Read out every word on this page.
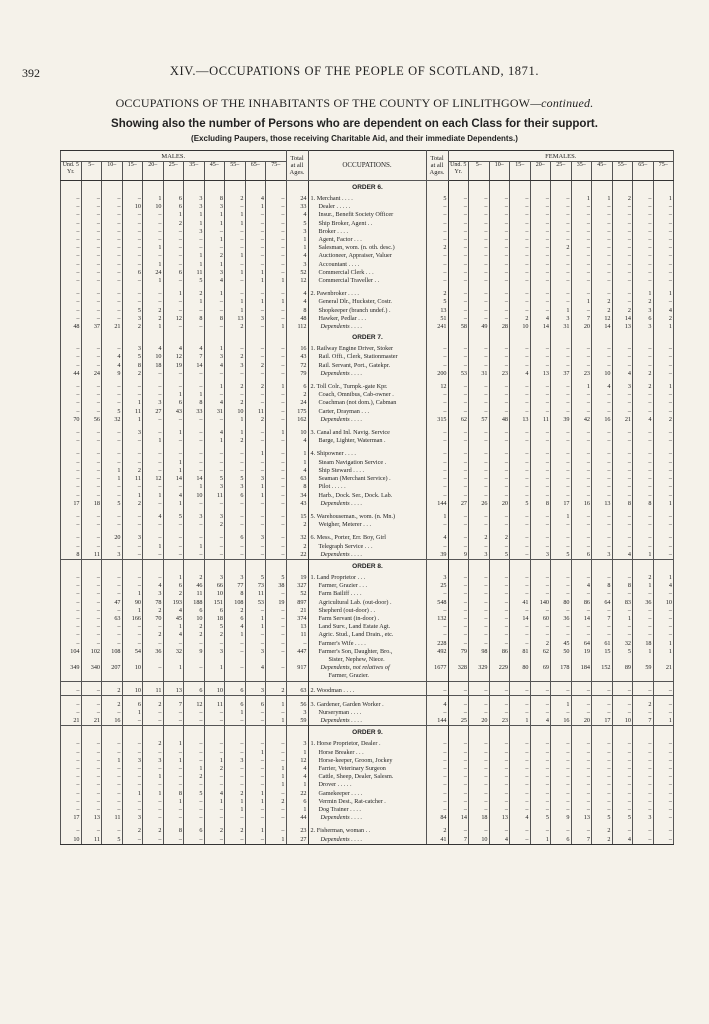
392	XIV.—OCCUPATIONS OF THE PEOPLE OF SCOTLAND, 1871.
OCCUPATIONS OF THE INHABITANTS OF THE COUNTY OF LINLITHGOW—continued.
Showing also the number of Persons who are dependent on each Class for their support.
(Excluding Paupers, those receiving Charitable Aid, and their immediate Dependents.)
MALES.											Total at all Ages.	OCCUPATIONS.	Total at all Ages.	FEMALES.										
Und. 5 Yr.	5–	10–	15–	20–	25–	35–	45–	55–	65–	75–				Und. 5 Yr.	5–	10–	15–	20–	25–	35–	45–	55–	65–	75–
												ORDER 6.												
–	–	–	–	1	6	3	8	2	4	–	24	1. Merchant . . . .	5	–	–	–	–	–	–	1	1	2	–	1
–	–	–	10	10	6	3	3	–	1	–	33	Dealer . . . . .	–	–	–	–	–	–	–	–	–	–	–	–
–	–	–	–	–	1	1	1	1	–	–	4	Insur., Benefit Society Officer	–	–	–	–	–	–	–	–	–	–	–	–
–	–	–	–	–	2	1	1	1	–	–	5	Ship Broker, Agent . .	–	–	–	–	–	–	–	–	–	–	–	–
–	–	–	–	–	–	3	–	–	–	–	3	Broker . . . .	–	–	–	–	–	–	–	–	–	–	–	–
–	–	–	–	–	–	–	1	–	–	–	1	Agent, Factor . . .	–	–	–	–	–	–	–	–	–	–	–	–
–	–	–	–	1	–	–	–	–	–	–	1	Salesman, wom. (n. oth. desc.)	2	–	–	–	–	–	2	–	–	–	–	–
–	–	–	–	–	–	1	2	1	–	–	4	Auctioneer, Appraiser, Valuer	–	–	–	–	–	–	–	–	–	–	–	–
–	–	–	–	1	–	1	1	–	–	–	3	Accountant . . . .	–	–	–	–	–	–	–	–	–	–	–	–
–	–	–	6	24	6	11	3	1	1	–	52	Commercial Clerk . . .	–	–	–	–	–	–	–	–	–	–	–	–
–	–	–	–	1	–	5	4	–	1	1	12	Commercial Traveller . .	–	–	–	–	–	–	–	–	–	–	–	–

–	–	–	–	–	1	2	1	–	–	–	4	2. Pawnbroker . . . .	2	–	–	–	–	–	–	–	–	–	1	1
–	–	–	–	–	–	1	–	1	1	1	4	General Dlr., Huckster, Costr.	5	–	–	–	–	–	–	1	2	–	2	–
–	–	–	5	2	–	–	–	1	–	–	8	Shopkeeper (branch undef.) .	13	–	–	–	–	–	1	–	2	2	3	4
–	–	–	3	2	12	8	8	13	3	–	48	Hawker, Pedlar . . .	51	–	–	–	2	4	3	7	12	14	6	2
48	37	21	2	1	–	–	–	2	–	1	112	Dependents . . . .	241	58	49	28	10	14	31	20	14	13	3	1
												ORDER 7.												
–	–	–	3	4	4	4	1	–	–	–	16	1. Railway Engine Driver, Stoker	–	–	–	–	–	–	–	–	–	–	–	–
–	–	4	5	10	12	7	3	2	–	–	43	Rail. Offi., Clerk, Stationmaster	–	–	–	–	–	–	–	–	–	–	–	–
–	–	4	8	18	19	14	4	3	2	–	72	Rail. Servant, Port., Gatekpr.	–	–	–	–	–	–	–	–	–	–	–	–
44	24	9	2	–	–	–	–	–	–	–	79	Dependents . . . .	200	53	31	23	4	13	37	23	10	4	2	–

–	–	–	–	–	–	–	1	2	2	1	6	2. Toll Colr., Turnpk.-gate Kpr.	12	–	–	–	–	–	–	1	4	3	2	1
–	–	–	–	–	1	1	–	–	–	–	2	Coach, Omnibus, Cab-owner .	–	–	–	–	–	–	–	–	–	–	–	–
–	–	–	1	3	6	8	4	2	–	–	24	Coachman (not dom.), Cabman	–	–	–	–	–	–	–	–	–	–	–	–
–	–	5	11	27	43	33	31	10	11	–	175	Carter, Drayman . . .	–	–	–	–	–	–	–	–	–	–	–	–
70	56	32	1	–	–	–	–	1	2	–	162	Dependents . . . .	315	62	57	48	13	11	39	42	16	21	4	2

–	–	–	3	–	1	–	4	1	–	1	10	3. Canal and Inl. Navig. Service	–	–	–	–	–	–	–	–	–	–	–	–
–	–	–	–	1	–	–	1	2	–	–	4	Barge, Lighter, Waterman .	–	–	–	–	–	–	–	–	–	–	–	–

–	–	–	–	–	–	–	–	–	1	–	1	4. Shipowner . . . .	–	–	–	–	–	–	–	–	–	–	–	–
–	–	–	–	–	1	–	–	–	–	–	1	Steam Navigation Service .	–	–	–	–	–	–	–	–	–	–	–	–
–	–	1	2	–	1	–	–	–	–	–	4	Ship Steward . . . .	–	–	–	–	–	–	–	–	–	–	–	–
–	–	1	11	12	14	14	5	5	3	–	63	Seaman (Merchant Service) .	–	–	–	–	–	–	–	–	–	–	–	–
–	–	–	–	–	–	1	3	3	1	–	8	Pilot . . . . .	–	–	–	–	–	–	–	–	–	–	–	–
–	–	–	1	1	4	10	11	6	1	–	34	Harb., Dock. Ser., Dock. Lab.	–	–	–	–	–	–	–	–	–	–	–	–
17	18	5	2	–	1	–	–	–	–	–	43	Dependents . . . .	144	27	26	20	5	8	17	16	13	8	8	1

–	–	–	–	4	5	3	3	–	–	–	15	5. Warehouseman., wom. (n. Mn.)	1	–	–	–	–	–	1	–	–	–	–	–
–	–	–	–	–	–	–	2	–	–	–	2	Weigher, Meterer . . .	–	–	–	–	–	–	–	–	–	–	–	–

–	–	20	3	–	–	–	–	6	3	–	32	6. Mess., Porter, Err. Boy, Girl	4	–	2	2	–	–	–	–	–	–	–	–
–	–	–	–	1	–	1	–	–	–	–	2	Telegraph Service . . .	–	–	–	–	–	–	–	–	–	–	–	–
8	11	3	–	–	–	–	–	–	–	–	22	Dependents . . . .	39	9	3	5	–	3	5	6	3	4	1	–
												ORDER 8.												
–	–	–	–	–	1	2	3	3	5	5	19	1. Land Proprietor . . .	3	–	–	–	–	–	–	–	–	–	2	1
–	–	–	–	4	6	46	66	77	73	38	327	Farmer, Grazier . . .	25	–	–	–	–	–	–	4	8	8	1	4
–	–	–	1	3	2	11	10	8	11	–	52	Farm Bailiff . . . .	–	–	–	–	–	–	–	–	–	–	–	–
–	–	47	90	78	193	188	151	108	53	19	897	Agricultural Lab. (out-door) .	548	–	–	–	41	140	80	86	64	83	36	10
–	–	–	1	2	4	6	6	2	–	–	21	Shepherd (out-door) . .	–	–	–	–	–	–	–	–	–	–	–	–
–	–	63	166	70	45	10	18	6	1	–	374	Farm Servant (in-door) .	132	–	–	–	14	60	36	14	7	1	–	–
–	–	–	–	–	1	2	5	4	1	–	13	Land Surv., Land Estate Agt.	–	–	–	–	–	–	–	–	–	–	–	–
–	–	–	–	2	4	2	2	1	–	–	11	Agric. Stud., Land Drain., etc.	–	–	–	–	–	–	–	–	–	–	–	–
–	–	–	–	–	–	–	–	–	–	–	–	Farmer's Wife . . . .	228	–	–	–	–	2	45	64	61	32	18	1
104	102	108	54	36	32	9	3	–	3	–	447	Farmer's Son, Daughter, Bro.,	492	79	98	86	81	62	50	19	15	5	1	1
												Sister, Nephew, Niece.												
349	340	207	10	–	1	–	1	–	4	–	917	Dependents, not relatives of	1677	328	329	229	80	69	178	184	152	89	59	21
												Farmer, Grazier.												

–	–	2	10	11	13	6	10	6	3	2	63	2. Woodman . . . .	–	–	–	–	–	–	–	–	–	–	–	–

–	–	2	6	2	7	12	11	6	6	1	56	3. Gardener, Garden Worker .	4	–	–	–	–	–	1	–	–	–	2	–
–	–	–	1	–	–	–	–	1	–	–	3	Nurseryman . . . .	–	–	–	–	–	–	–	–	–	–	–	–
21	21	16	–	–	–	–	–	–	–	1	59	Dependents . . . .	144	25	20	23	1	4	16	20	17	10	7	1
												ORDER 9.												
–	–	–	–	2	1	–	–	–	–	–	3	1. Horse Proprietor, Dealer .	–	–	–	–	–	–	–	–	–	–	–	–
–	–	–	–	–	–	–	–	–	1	–	1	Horse Breaker . . .	–	–	–	–	–	–	–	–	–	–	–	–
–	–	1	3	3	1	–	1	3	–	–	12	Horse-keeper, Groom, Jockey	–	–	–	–	–	–	–	–	–	–	–	–
–	–	–	–	–	–	1	2	–	–	1	4	Farrier, Veterinary Surgeon	–	–	–	–	–	–	–	–	–	–	–	–
–	–	–	–	1	–	2	–	–	–	1	4	Cattle, Sheep, Dealer, Salesm.	–	–	–	–	–	–	–	–	–	–	–	–
–	–	–	–	–	–	–	–	–	–	1	1	Drover . . . . .	–	–	–	–	–	–	–	–	–	–	–	–
–	–	–	1	1	8	5	4	2	1	–	22	Gamekeeper . . . .	–	–	–	–	–	–	–	–	–	–	–	–
–	–	–	–	–	1	–	1	1	1	2	6	Vermin Dest., Rat-catcher .	–	–	–	–	–	–	–	–	–	–	–	–
–	–	–	–	–	–	–	–	1	–	–	1	Dog Trainer . . . .	–	–	–	–	–	–	–	–	–	–	–	–
17	13	11	3	–	–	–	–	–	–	–	44	Dependents . . . .	84	14	18	13	4	5	9	13	5	5	3	–

–	–	–	2	2	8	6	2	2	1	–	23	2. Fisherman, woman . .	2	–	–	–	–	–	–	–	2	–	–	–
10	11	5	–	–	–	–	–	–	–	1	27	Dependents . . . .	41	7	10	4	–	1	6	7	2	4	–	–
